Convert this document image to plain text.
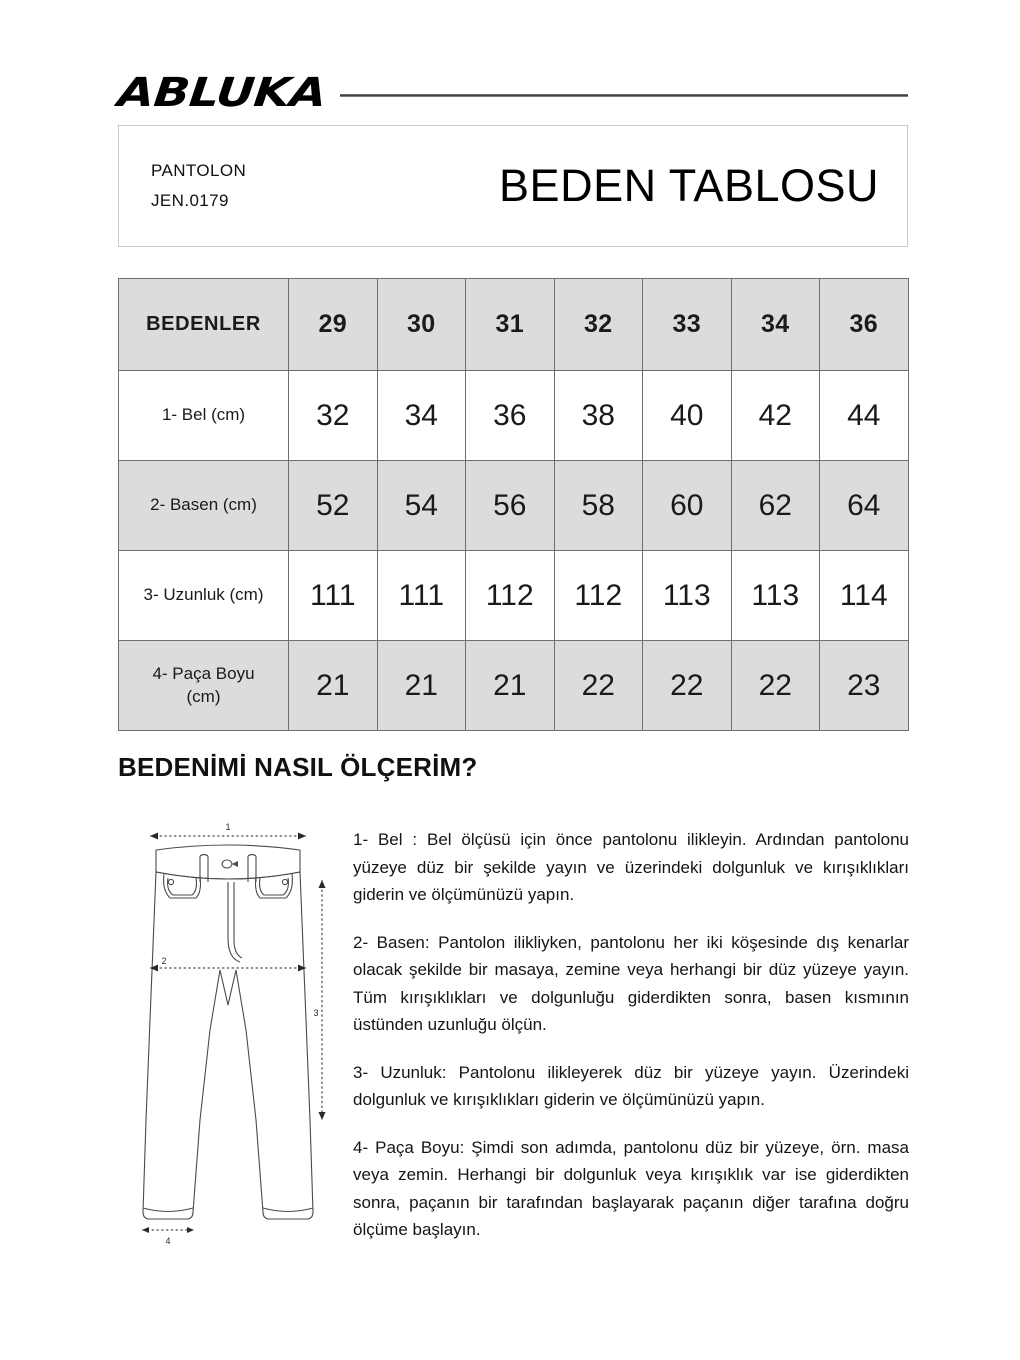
ABLUKA
PANTOLON
JEN.0179	BEDEN TABLOSU
BEDENLER	29	30	31	32	33	34	36
1- Bel (cm)	32	34	36	38	40	42	44
2- Basen (cm)	52	54	56	58	60	62	64
3- Uzunluk (cm)	111	111	112	112	113	113	114
4- Paça Boyu
(cm)	21	21	21	22	22	22	23
BEDENİMİ NASIL ÖLÇERİM?
1
2
3
4

1- Bel : Bel ölçüsü için önce pantolonu ilikleyin. Ardından pantolonu yüzeye düz bir şekilde yayın ve üzerindeki dolgunluk ve kırışıklıkları giderin ve ölçümünüzü yapın.

2- Basen: Pantolon ilikliyken, pantolonu her iki köşesinde dış kenarlar olacak şekilde bir masaya, zemine veya herhangi bir düz yüzeye yayın. Tüm kırışıklıkları ve dolgunluğu giderdikten sonra, basen kısmının üstünden uzunluğu ölçün.

3- Uzunluk: Pantolonu ilikleyerek düz bir yüzeye yayın. Üzerindeki dolgunluk ve kırışıklıkları giderin ve ölçümünüzü yapın.

4- Paça Boyu: Şimdi son adımda, pantolonu düz bir yüzeye, örn. masa veya zemin. Herhangi bir dolgunluk veya kırışıklık var ise giderdikten sonra, paçanın bir tarafından başlayarak paçanın diğer tarafına doğru ölçüme başlayın.
